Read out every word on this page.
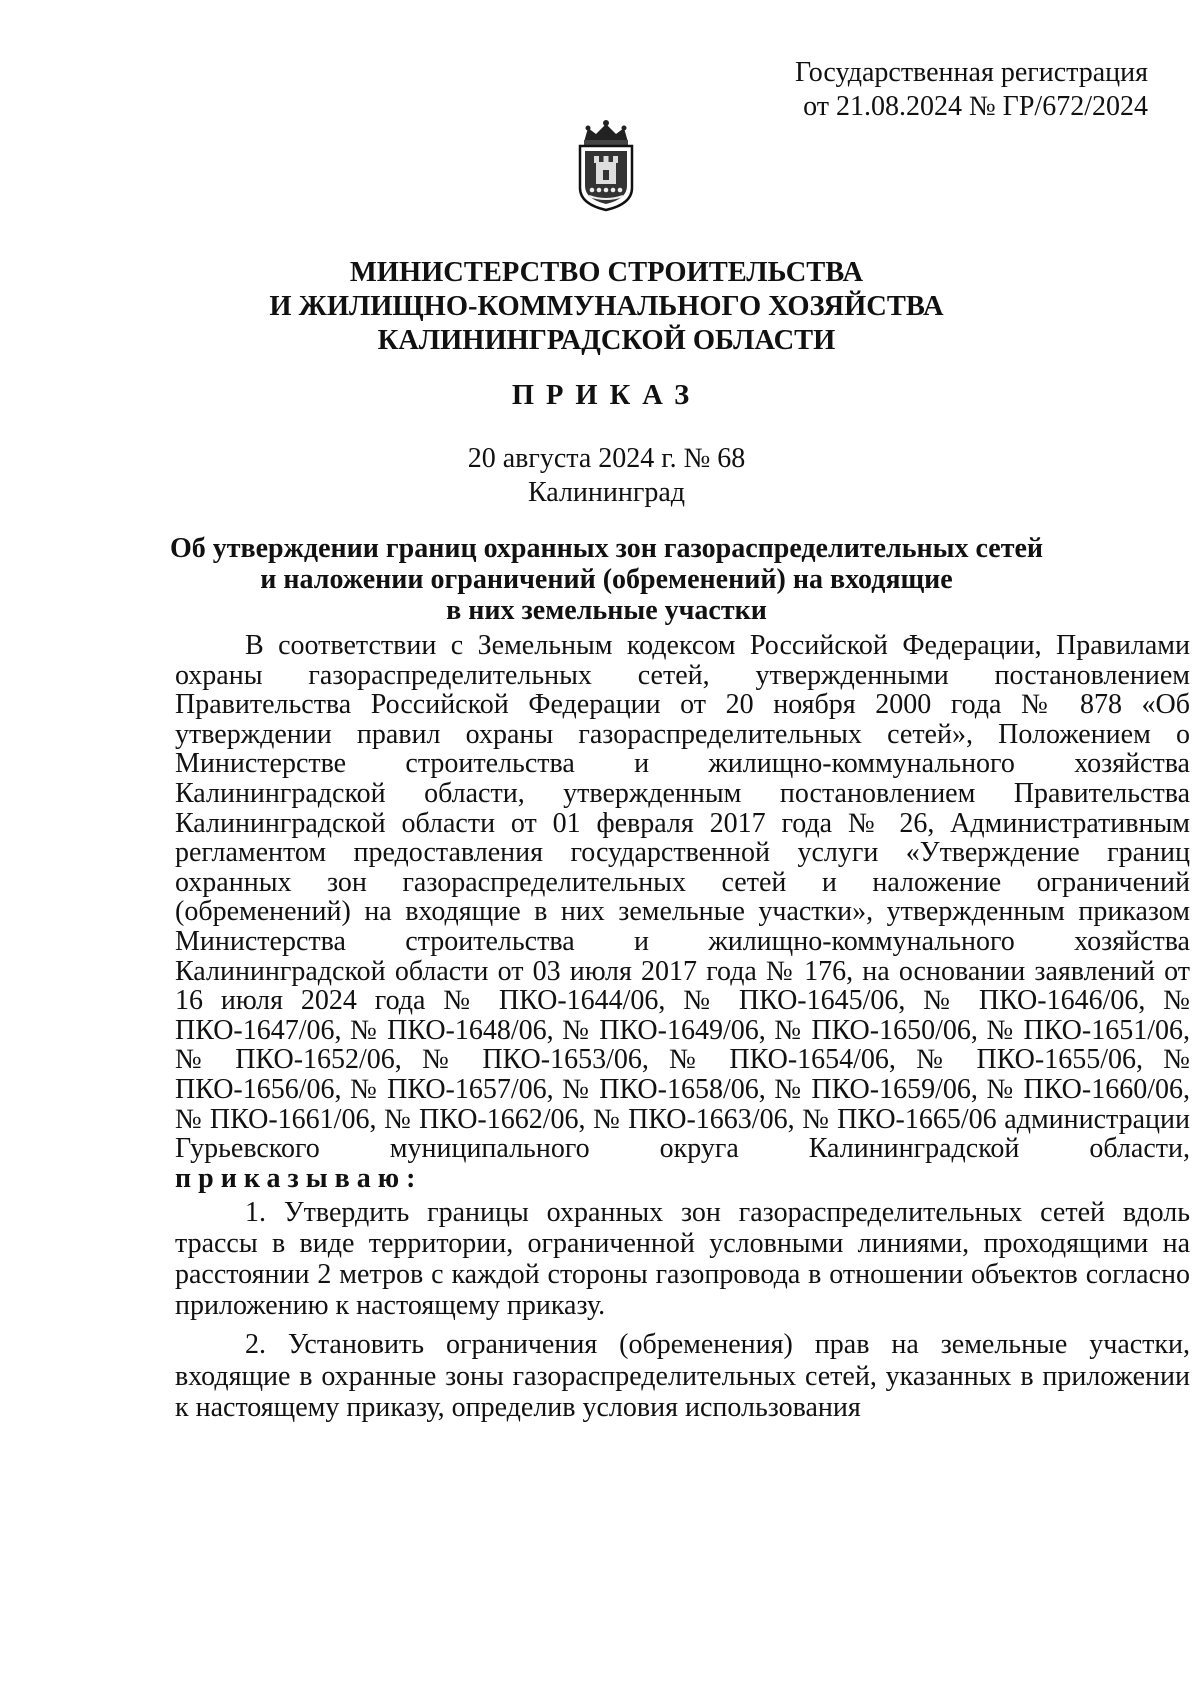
Государственная регистрация
от 21.08.2024 № ГР/672/2024
МИНИСТЕРСТВО СТРОИТЕЛЬСТВА
И ЖИЛИЩНО-КОММУНАЛЬНОГО ХОЗЯЙСТВА
КАЛИНИНГРАДСКОЙ ОБЛАСТИ
ПРИКАЗ
20 августа 2024 г. № 68
Калининград
Об утверждении границ охранных зон газораспределительных сетей
и наложении ограничений (обременений) на входящие
в них земельные участки

В соответствии с Земельным кодексом Российской Федерации, Правилами охраны газораспределительных сетей, утвержденными постановлением Правительства Российской Федерации от 20 ноября 2000 года № 878 «Об утверждении правил охраны газораспределительных сетей», Положением о Министерстве строительства и жилищно-коммунального хозяйства Калининградской области, утвержденным постановлением Правительства Калининградской области от 01 февраля 2017 года № 26, Административным регламентом предоставления государственной услуги «Утверждение границ охранных зон газораспределительных сетей и наложение ограничений (обременений) на входящие в них земельные участки», утвержденным приказом Министерства строительства и жилищно-коммунального хозяйства Калининградской области от 03 июля 2017 года № 176, на основании заявлений от 16 июля 2024 года № ПКО-1644/06, № ПКО-1645/06, № ПКО-1646/06, № ПКО-1647/06, № ПКО-1648/06, № ПКО-1649/06, № ПКО-1650/06, № ПКО-1651/06, № ПКО-1652/06, № ПКО-1653/06, № ПКО-1654/06, № ПКО-1655/06, № ПКО-1656/06, № ПКО-1657/06, № ПКО-1658/06, № ПКО-1659/06, № ПКО-1660/06, № ПКО-1661/06, № ПКО-1662/06, № ПКО-1663/06, № ПКО-1665/06 администрации Гурьевского муниципального округа Калининградской области, приказываю:

1. Утвердить границы охранных зон газораспределительных сетей вдоль трассы в виде территории, ограниченной условными линиями, проходящими на расстоянии 2 метров с каждой стороны газопровода в отношении объектов согласно приложению к настоящему приказу.

2. Установить ограничения (обременения) прав на земельные участки, входящие в охранные зоны газораспределительных сетей, указанных в приложении к настоящему приказу, определив условия использования
